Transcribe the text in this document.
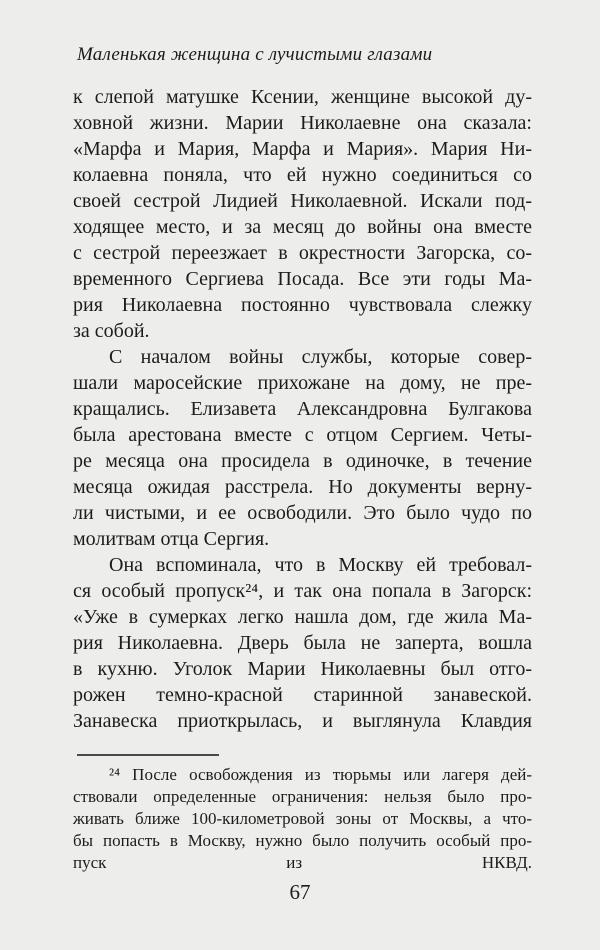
Маленькая женщина с лучистыми глазами
к слепой матушке Ксении, женщине высокой ду-
ховной жизни. Марии Николаевне она сказала:
«Марфа и Мария, Марфа и Мария». Мария Ни-
колаевна поняла, что ей нужно соединиться со
своей сестрой Лидией Николаевной. Искали под-
ходящее место, и за месяц до войны она вместе
с сестрой переезжает в окрестности Загорска, со-
временного Сергиева Посада. Все эти годы Ма-
рия Николаевна постоянно чувствовала слежку
за собой.
С началом войны службы, которые совер-
шали маросейские прихожане на дому, не пре-
кращались. Елизавета Александровна Булгакова
была арестована вместе с отцом Сергием. Четы-
ре месяца она просидела в одиночке, в течение
месяца ожидая расстрела. Но документы верну-
ли чистыми, и ее освободили. Это было чудо по
молитвам отца Сергия.
Она вспоминала, что в Москву ей требовал-
ся особый пропуск²⁴, и так она попала в Загорск:
«Уже в сумерках легко нашла дом, где жила Ма-
рия Николаевна. Дверь была не заперта, вошла
в кухню. Уголок Марии Николаевны был отго-
рожен темно-красной старинной занавеской.
Занавеска приоткрылась, и выглянула Клавдия
²⁴ После освобождения из тюрьмы или лагеря дей-
ствовали определенные ограничения: нельзя было про-
живать ближе 100-километровой зоны от Москвы, а что-
бы попасть в Москву, нужно было получить особый про-
пуск из НКВД.
67
